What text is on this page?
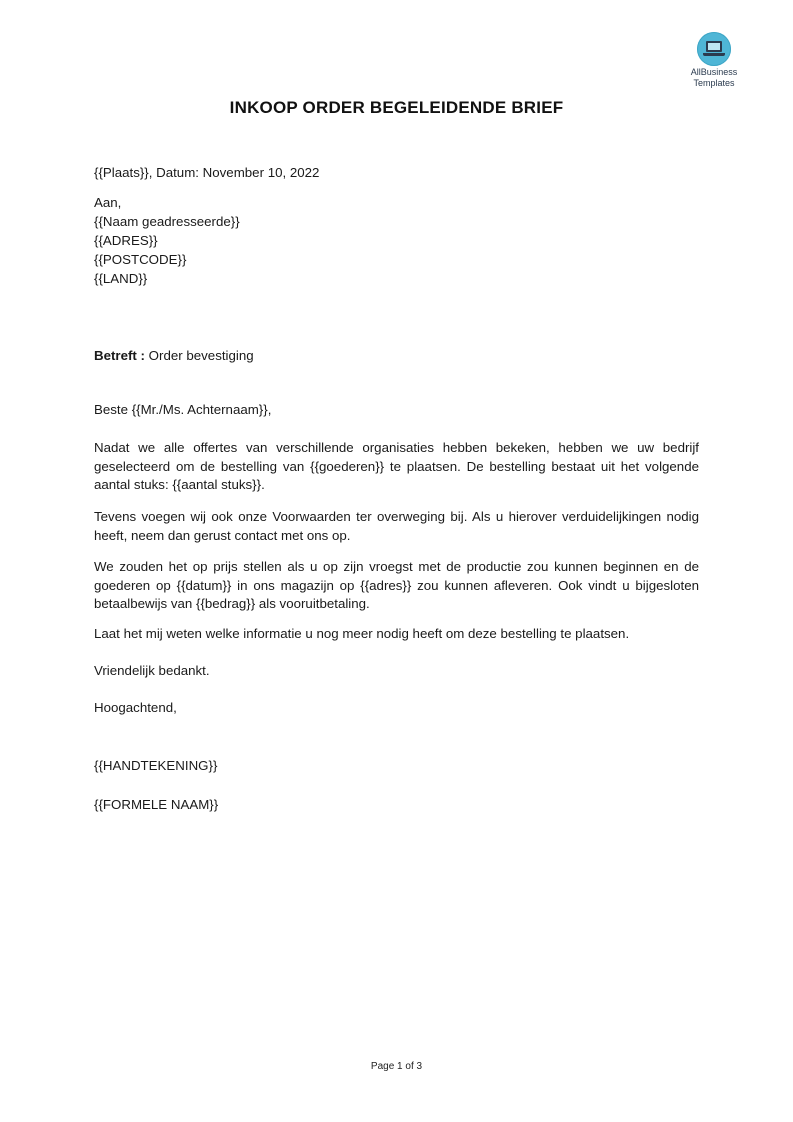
AllBusiness
Templates
INKOOP ORDER BEGELEIDENDE BRIEF
{{Plaats}}, Datum: November 10, 2022
Aan,
{{Naam geadresseerde}}
{{ADRES}}
{{POSTCODE}}
{{LAND}}
Betreft : Order bevestiging
Beste {{Mr./Ms. Achternaam}},
Nadat we alle offertes van verschillende organisaties hebben bekeken, hebben we uw bedrijf geselecteerd om de bestelling van {{goederen}} te plaatsen. De bestelling bestaat uit het volgende aantal stuks: {{aantal stuks}}.
Tevens voegen wij ook onze Voorwaarden ter overweging bij. Als u hierover verduidelijkingen nodig heeft, neem dan gerust contact met ons op.
We zouden het op prijs stellen als u op zijn vroegst met de productie zou kunnen beginnen en de goederen op {{datum}} in ons magazijn op {{adres}} zou kunnen afleveren. Ook vindt u bijgesloten betaalbewijs van {{bedrag}} als vooruitbetaling.
Laat het mij weten welke informatie u nog meer nodig heeft om deze bestelling te plaatsen.
Vriendelijk bedankt.
Hoogachtend,
{{HANDTEKENING}}
{{FORMELE NAAM}}
Page 1 of 3
